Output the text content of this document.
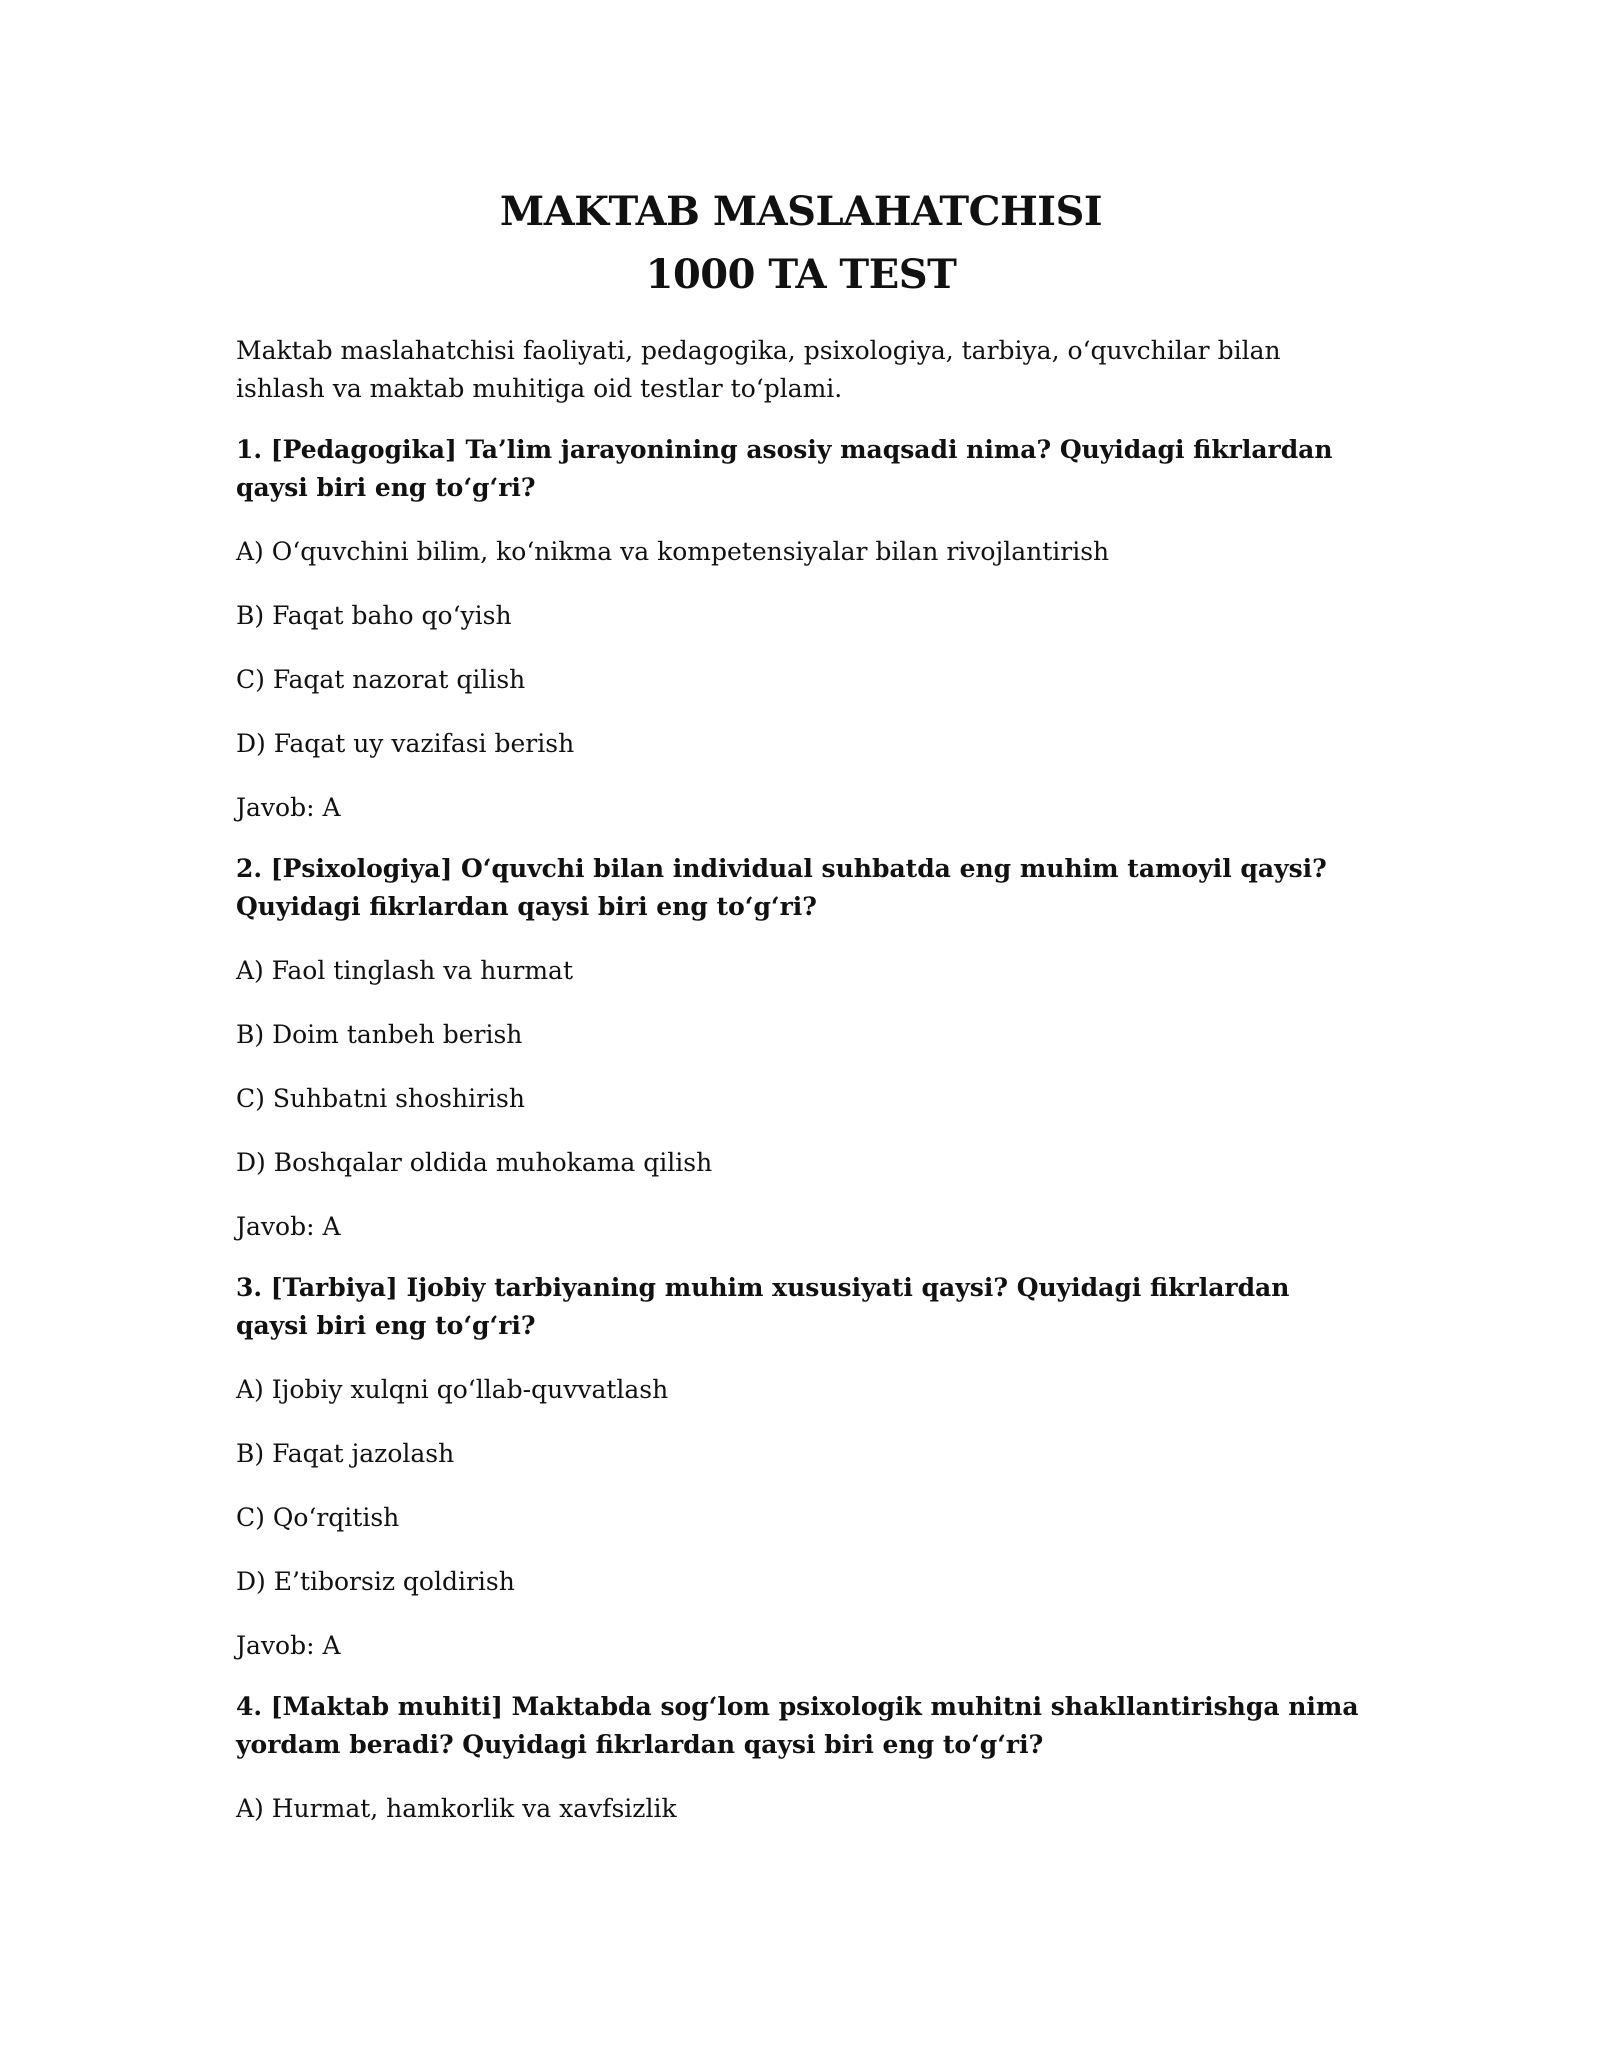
MAKTAB MASLAHATCHISI
1000 TA TEST

Maktab maslahatchisi faoliyati, pedagogika, psixologiya, tarbiya, o‘quvchilar bilan ishlash va maktab muhitiga oid testlar to‘plami.

1. [Pedagogika] Ta’lim jarayonining asosiy maqsadi nima? Quyidagi fikrlardan qaysi biri eng to‘g‘ri?

A) O‘quvchini bilim, ko‘nikma va kompetensiyalar bilan rivojlantirish

B) Faqat baho qo‘yish

C) Faqat nazorat qilish

D) Faqat uy vazifasi berish

Javob: A

2. [Psixologiya] O‘quvchi bilan individual suhbatda eng muhim tamoyil qaysi? Quyidagi fikrlardan qaysi biri eng to‘g‘ri?

A) Faol tinglash va hurmat

B) Doim tanbeh berish

C) Suhbatni shoshirish

D) Boshqalar oldida muhokama qilish

Javob: A

3. [Tarbiya] Ijobiy tarbiyaning muhim xususiyati qaysi? Quyidagi fikrlardan qaysi biri eng to‘g‘ri?

A) Ijobiy xulqni qo‘llab-quvvatlash

B) Faqat jazolash

C) Qo‘rqitish

D) E’tiborsiz qoldirish

Javob: A

4. [Maktab muhiti] Maktabda sog‘lom psixologik muhitni shakllantirishga nima yordam beradi? Quyidagi fikrlardan qaysi biri eng to‘g‘ri?

A) Hurmat, hamkorlik va xavfsizlik
